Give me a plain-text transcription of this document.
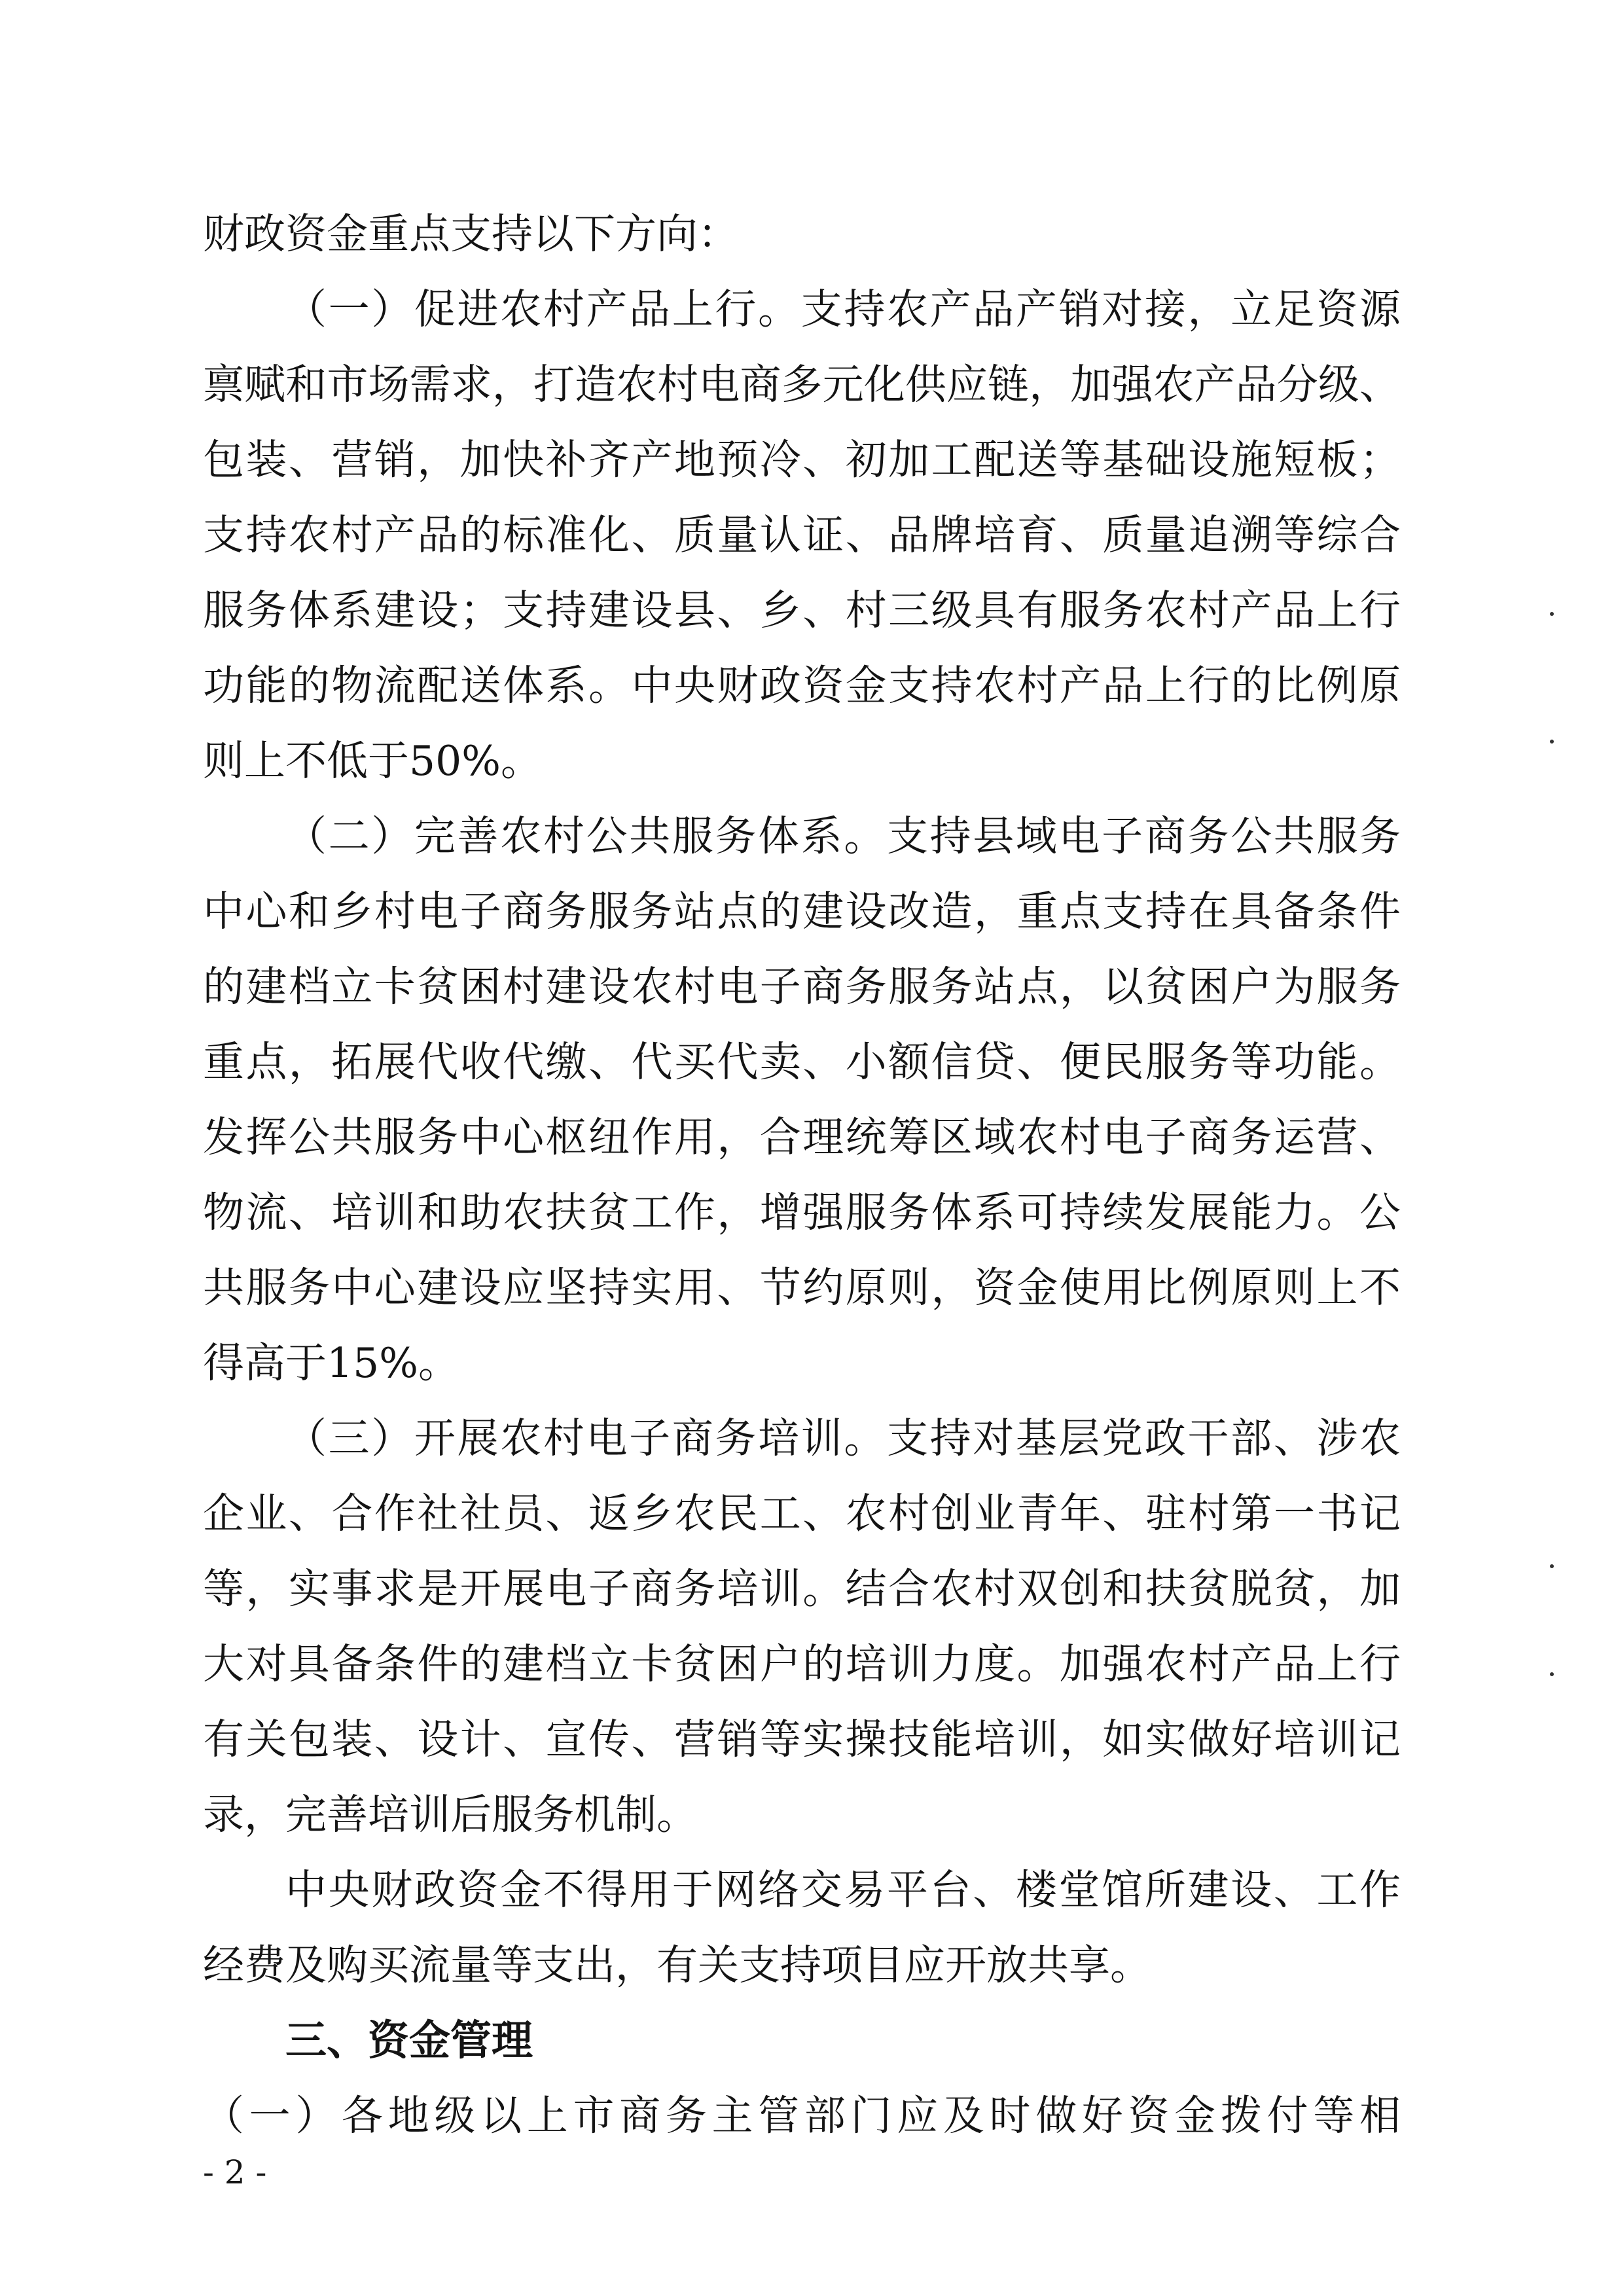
财政资金重点支持以下方向：
（一）促进农村产品上行。支持农产品产销对接，立足资源
禀赋和市场需求，打造农村电商多元化供应链，加强农产品分级、
包装、营销，加快补齐产地预冷、初加工配送等基础设施短板；
支持农村产品的标准化、质量认证、品牌培育、质量追溯等综合
服务体系建设；支持建设县、乡、村三级具有服务农村产品上行
功能的物流配送体系。中央财政资金支持农村产品上行的比例原
则上不低于50%。
（二）完善农村公共服务体系。支持县域电子商务公共服务
中心和乡村电子商务服务站点的建设改造，重点支持在具备条件
的建档立卡贫困村建设农村电子商务服务站点，以贫困户为服务
重点，拓展代收代缴、代买代卖、小额信贷、便民服务等功能。
发挥公共服务中心枢纽作用，合理统筹区域农村电子商务运营、
物流、培训和助农扶贫工作，增强服务体系可持续发展能力。公
共服务中心建设应坚持实用、节约原则，资金使用比例原则上不
得高于15%。
（三）开展农村电子商务培训。支持对基层党政干部、涉农
企业、合作社社员、返乡农民工、农村创业青年、驻村第一书记
等，实事求是开展电子商务培训。结合农村双创和扶贫脱贫，加
大对具备条件的建档立卡贫困户的培训力度。加强农村产品上行
有关包装、设计、宣传、营销等实操技能培训，如实做好培训记
录，完善培训后服务机制。
中央财政资金不得用于网络交易平台、楼堂馆所建设、工作
经费及购买流量等支出，有关支持项目应开放共享。
三、资金管理
（一）各地级以上市商务主管部门应及时做好资金拨付等相
- 2 -
